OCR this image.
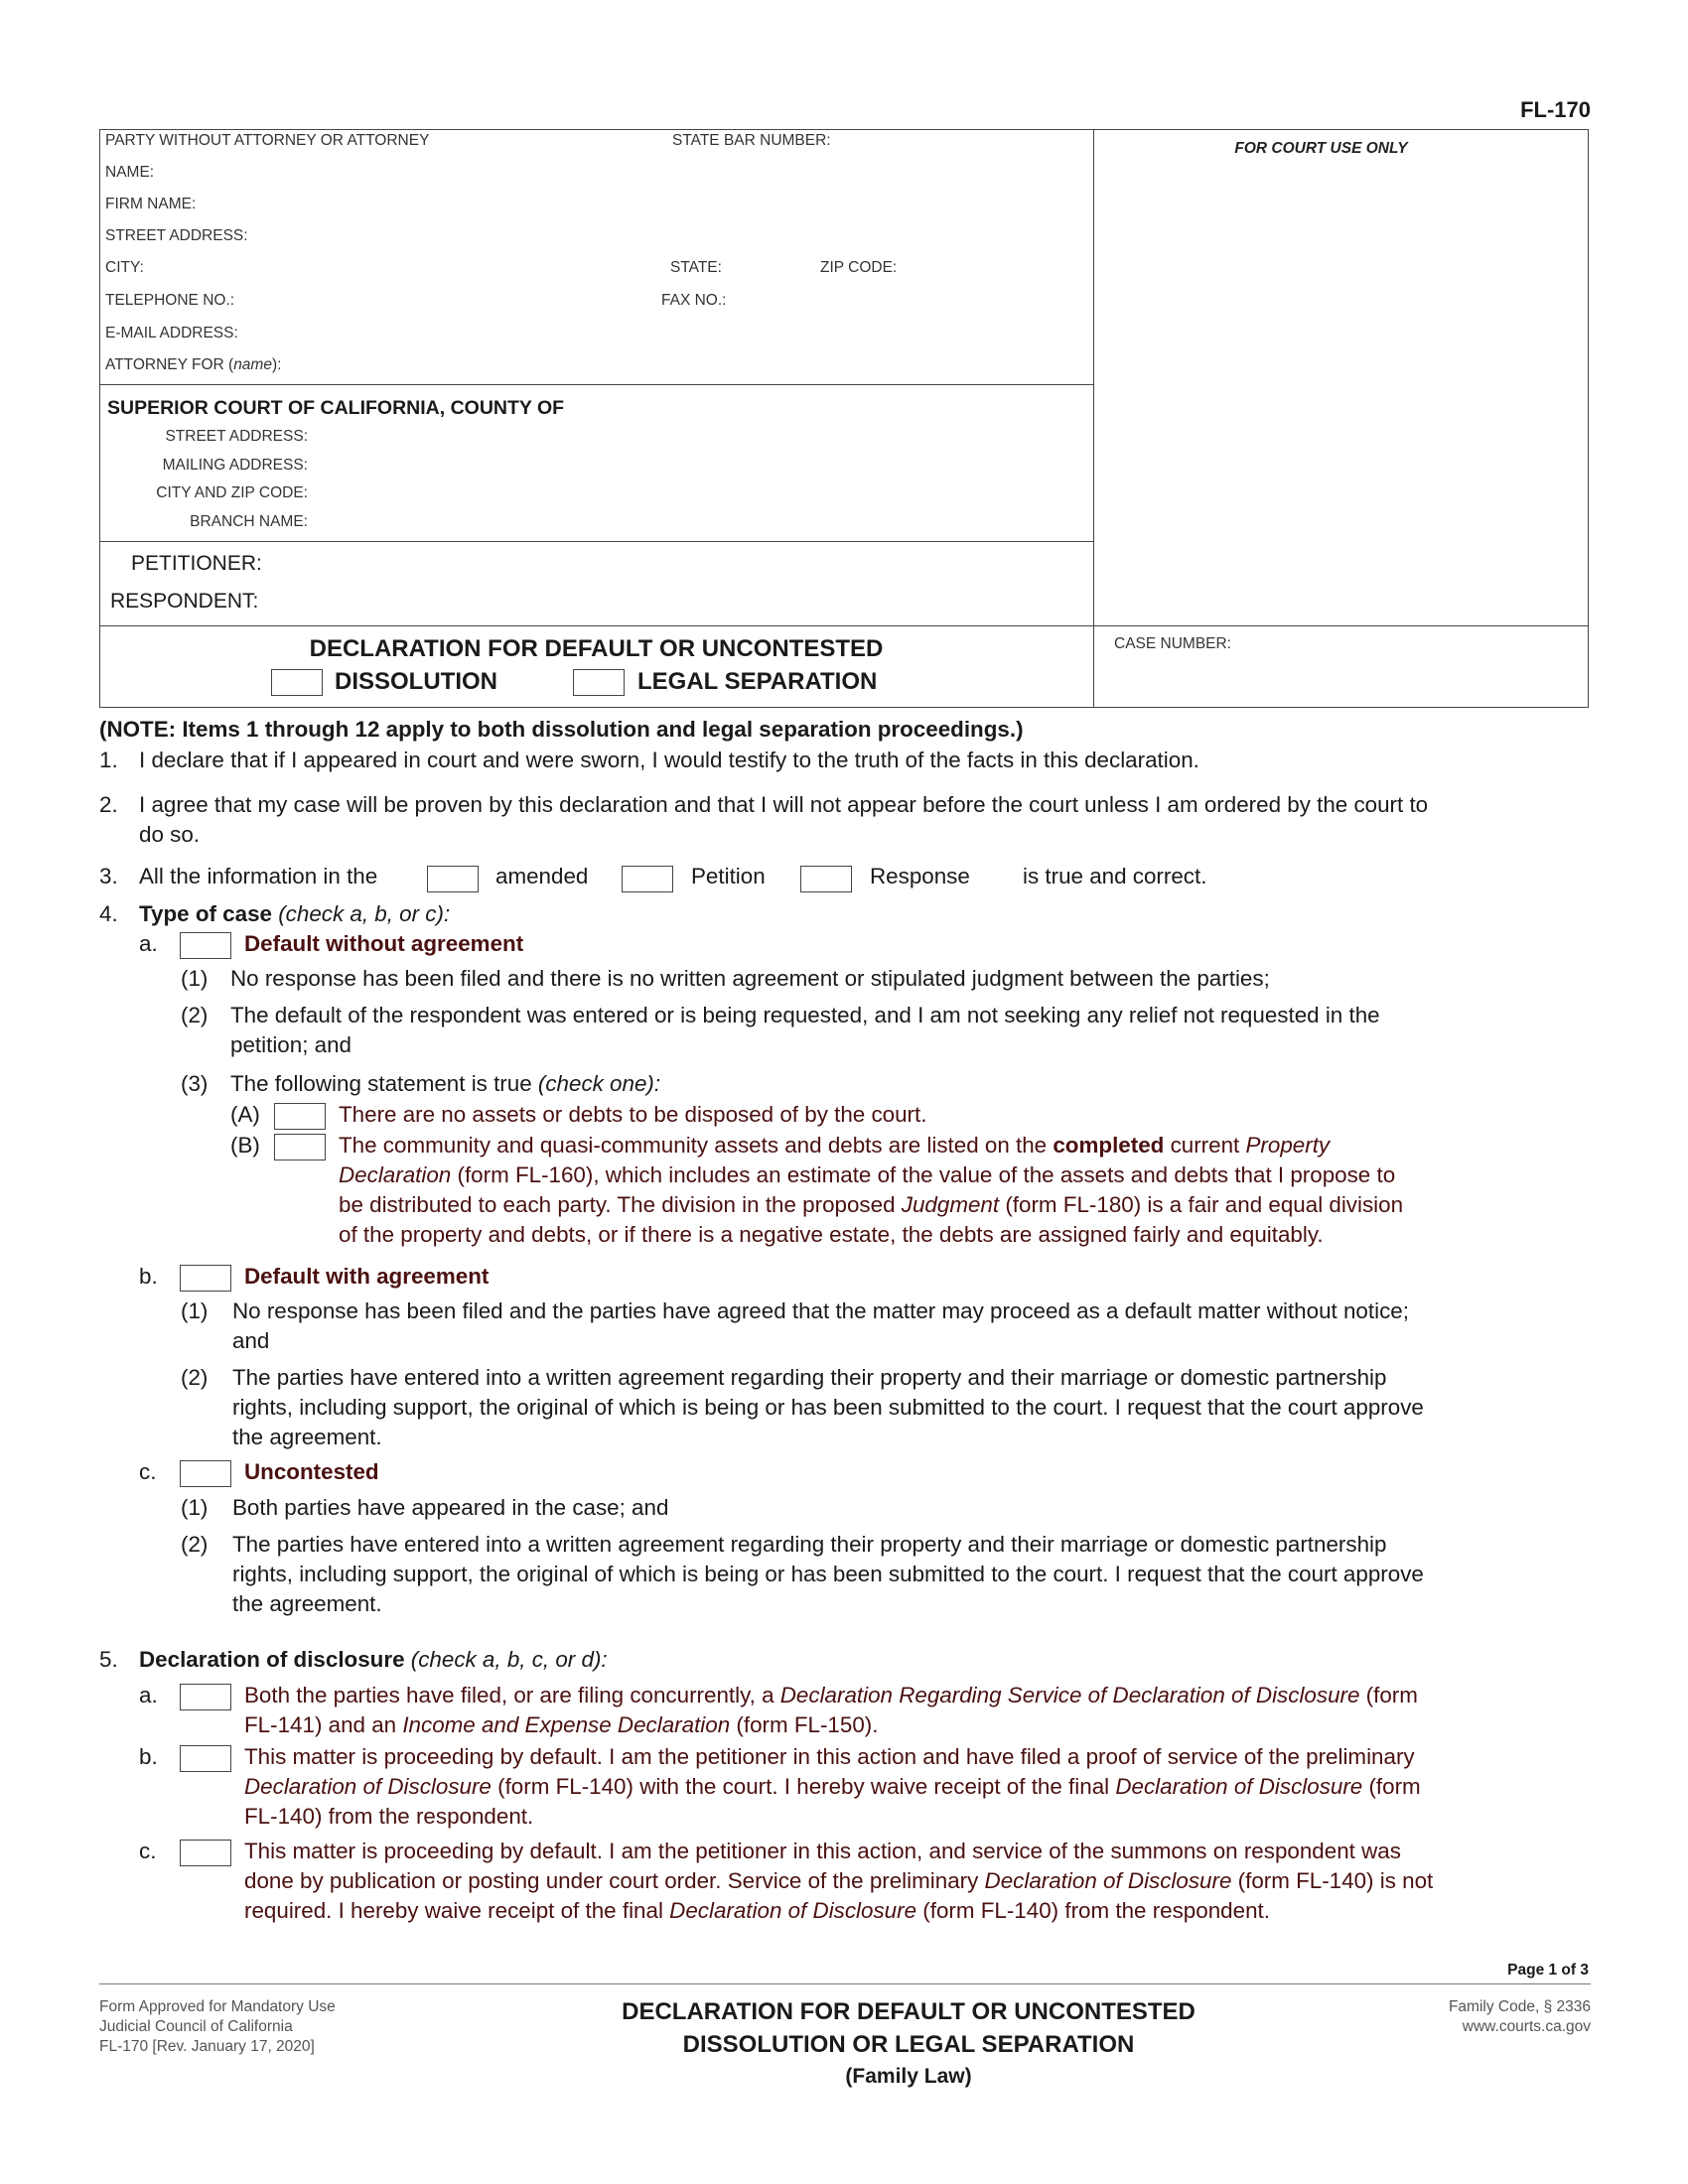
FL-170
PARTY WITHOUT ATTORNEY OR ATTORNEY	STATE BAR NUMBER:
NAME:
FIRM NAME:
STREET ADDRESS:
CITY:	STATE:	ZIP CODE:
TELEPHONE NO.:	FAX NO.:
E-MAIL ADDRESS:
ATTORNEY FOR (name):
FOR COURT USE ONLY
SUPERIOR COURT OF CALIFORNIA, COUNTY OF
STREET ADDRESS:
MAILING ADDRESS:
CITY AND ZIP CODE:
BRANCH NAME:
PETITIONER:
RESPONDENT:
DECLARATION FOR DEFAULT OR UNCONTESTED
DISSOLUTION	LEGAL SEPARATION
CASE NUMBER:
(NOTE: Items 1 through 12 apply to both dissolution and legal separation proceedings.)
1. I declare that if I appeared in court and were sworn, I would testify to the truth of the facts in this declaration.
2. I agree that my case will be proven by this declaration and that I will not appear before the court unless I am ordered by the court to
do so.
3. All the information in the	amended	Petition	Response is true and correct.
4. Type of case (check a, b, or c):
a.	Default without agreement
(1) No response has been filed and there is no written agreement or stipulated judgment between the parties;
(2) The default of the respondent was entered or is being requested, and I am not seeking any relief not requested in the
petition; and
(3) The following statement is true (check one):
(A)	There are no assets or debts to be disposed of by the court.
(B)	The community and quasi-community assets and debts are listed on the completed current Property
Declaration (form FL-160), which includes an estimate of the value of the assets and debts that I propose to
be distributed to each party. The division in the proposed Judgment (form FL-180) is a fair and equal division
of the property and debts, or if there is a negative estate, the debts are assigned fairly and equitably.
b.	Default with agreement
(1) No response has been filed and the parties have agreed that the matter may proceed as a default matter without notice;
and
(2) The parties have entered into a written agreement regarding their property and their marriage or domestic partnership
rights, including support, the original of which is being or has been submitted to the court. I request that the court approve
the agreement.
c.	Uncontested
(1) Both parties have appeared in the case; and
(2) The parties have entered into a written agreement regarding their property and their marriage or domestic partnership
rights, including support, the original of which is being or has been submitted to the court. I request that the court approve
the agreement.
5. Declaration of disclosure (check a, b, c, or d):
a.	Both the parties have filed, or are filing concurrently, a Declaration Regarding Service of Declaration of Disclosure (form
FL-141) and an Income and Expense Declaration (form FL-150).
b.	This matter is proceeding by default. I am the petitioner in this action and have filed a proof of service of the preliminary
Declaration of Disclosure (form FL-140) with the court. I hereby waive receipt of the final Declaration of Disclosure (form
FL-140) from the respondent.
c.	This matter is proceeding by default. I am the petitioner in this action, and service of the summons on respondent was
done by publication or posting under court order. Service of the preliminary Declaration of Disclosure (form FL-140) is not
required. I hereby waive receipt of the final Declaration of Disclosure (form FL-140) from the respondent.
Page 1 of 3
Form Approved for Mandatory Use
Judicial Council of California
FL-170 [Rev. January 17, 2020]
DECLARATION FOR DEFAULT OR UNCONTESTED
DISSOLUTION OR LEGAL SEPARATION
(Family Law)
Family Code, § 2336
www.courts.ca.gov
